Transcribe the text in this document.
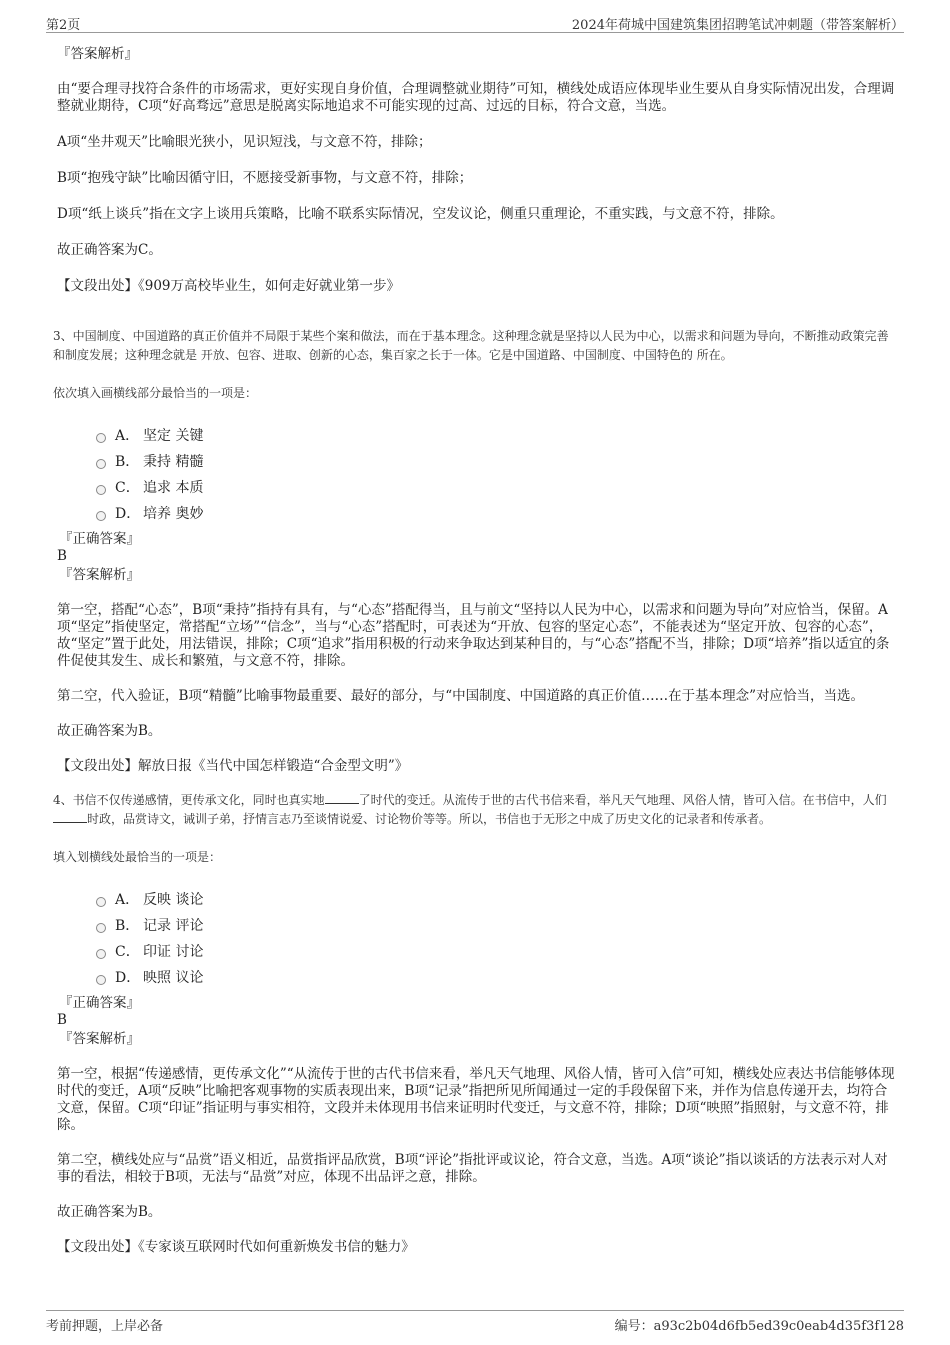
第2页	2024年荷城中国建筑集团招聘笔试冲刺题（带答案解析）

『答案解析』

由“要合理寻找符合条件的市场需求，更好实现自身价值，合理调整就业期待”可知，横线处成语应体现毕业生要从自身实际情况出发，合理调整就业期待，C项“好高骛远”意思是脱离实际地追求不可能实现的过高、过远的目标，符合文意，当选。

A项“坐井观天”比喻眼光狭小，见识短浅，与文意不符，排除；

B项“抱残守缺”比喻因循守旧，不愿接受新事物，与文意不符，排除；

D项“纸上谈兵”指在文字上谈用兵策略，比喻不联系实际情况，空发议论，侧重只重理论，不重实践，与文意不符，排除。

故正确答案为C。

【文段出处】《909万高校毕业生，如何走好就业第一步》

3、中国制度、中国道路的真正价值并不局限于某些个案和做法，而在于基本理念。这种理念就是坚持以人民为中心，以需求和问题为导向，不断推动政策完善和制度发展；这种理念就是 开放、包容、进取、创新的心态，集百家之长于一体。它是中国道路、中国制度、中国特色的 所在。

依次填入画横线部分最恰当的一项是：

A． 坚定 关键
B． 秉持 精髓
C． 追求 本质
D． 培养 奥妙

『正确答案』

B

『答案解析』

第一空，搭配“心态”，B项“秉持”指持有具有，与“心态”搭配得当，且与前文“坚持以人民为中心，以需求和问题为导向”对应恰当，保留。A项“坚定”指使坚定，常搭配“立场”“信念”，当与“心态”搭配时，可表述为“开放、包容的坚定心态”，不能表述为“坚定开放、包容的心态”，故“坚定”置于此处，用法错误，排除；C项“追求”指用积极的行动来争取达到某种目的，与“心态”搭配不当，排除；D项“培养”指以适宜的条件促使其发生、成长和繁殖，与文意不符，排除。

第二空，代入验证，B项“精髓”比喻事物最重要、最好的部分，与“中国制度、中国道路的真正价值……在于基本理念”对应恰当，当选。

故正确答案为B。

【文段出处】解放日报《当代中国怎样锻造“合金型文明”》

4、书信不仅传递感情，更传承文化，同时也真实地	了时代的变迁。从流传于世的古代书信来看，举凡天气地理、风俗人情，皆可入信。在书信中，人们时政，品赏诗文，诫训子弟，抒情言志乃至谈情说爱、讨论物价等等。所以，书信也于无形之中成了历史文化的记录者和传承者。

填入划横线处最恰当的一项是：

A． 反映 谈论
B． 记录 评论
C． 印证 讨论
D． 映照 议论

『正确答案』

B

『答案解析』

第一空，根据“传递感情，更传承文化”“从流传于世的古代书信来看，举凡天气地理、风俗人情，皆可入信”可知，横线处应表达书信能够体现时代的变迁，A项“反映”比喻把客观事物的实质表现出来，B项“记录”指把所见所闻通过一定的手段保留下来，并作为信息传递开去，均符合文意，保留。C项“印证”指证明与事实相符，文段并未体现用书信来证明时代变迁，与文意不符，排除；D项“映照”指照射，与文意不符，排除。

第二空，横线处应与“品赏”语义相近，品赏指评品欣赏，B项“评论”指批评或议论，符合文意，当选。A项“谈论”指以谈话的方法表示对人对事的看法，相较于B项，无法与“品赏”对应，体现不出品评之意，排除。

故正确答案为B。

【文段出处】《专家谈互联网时代如何重新焕发书信的魅力》

考前押题，上岸必备	编号：a93c2b04d6fb5ed39c0eab4d35f3f128
